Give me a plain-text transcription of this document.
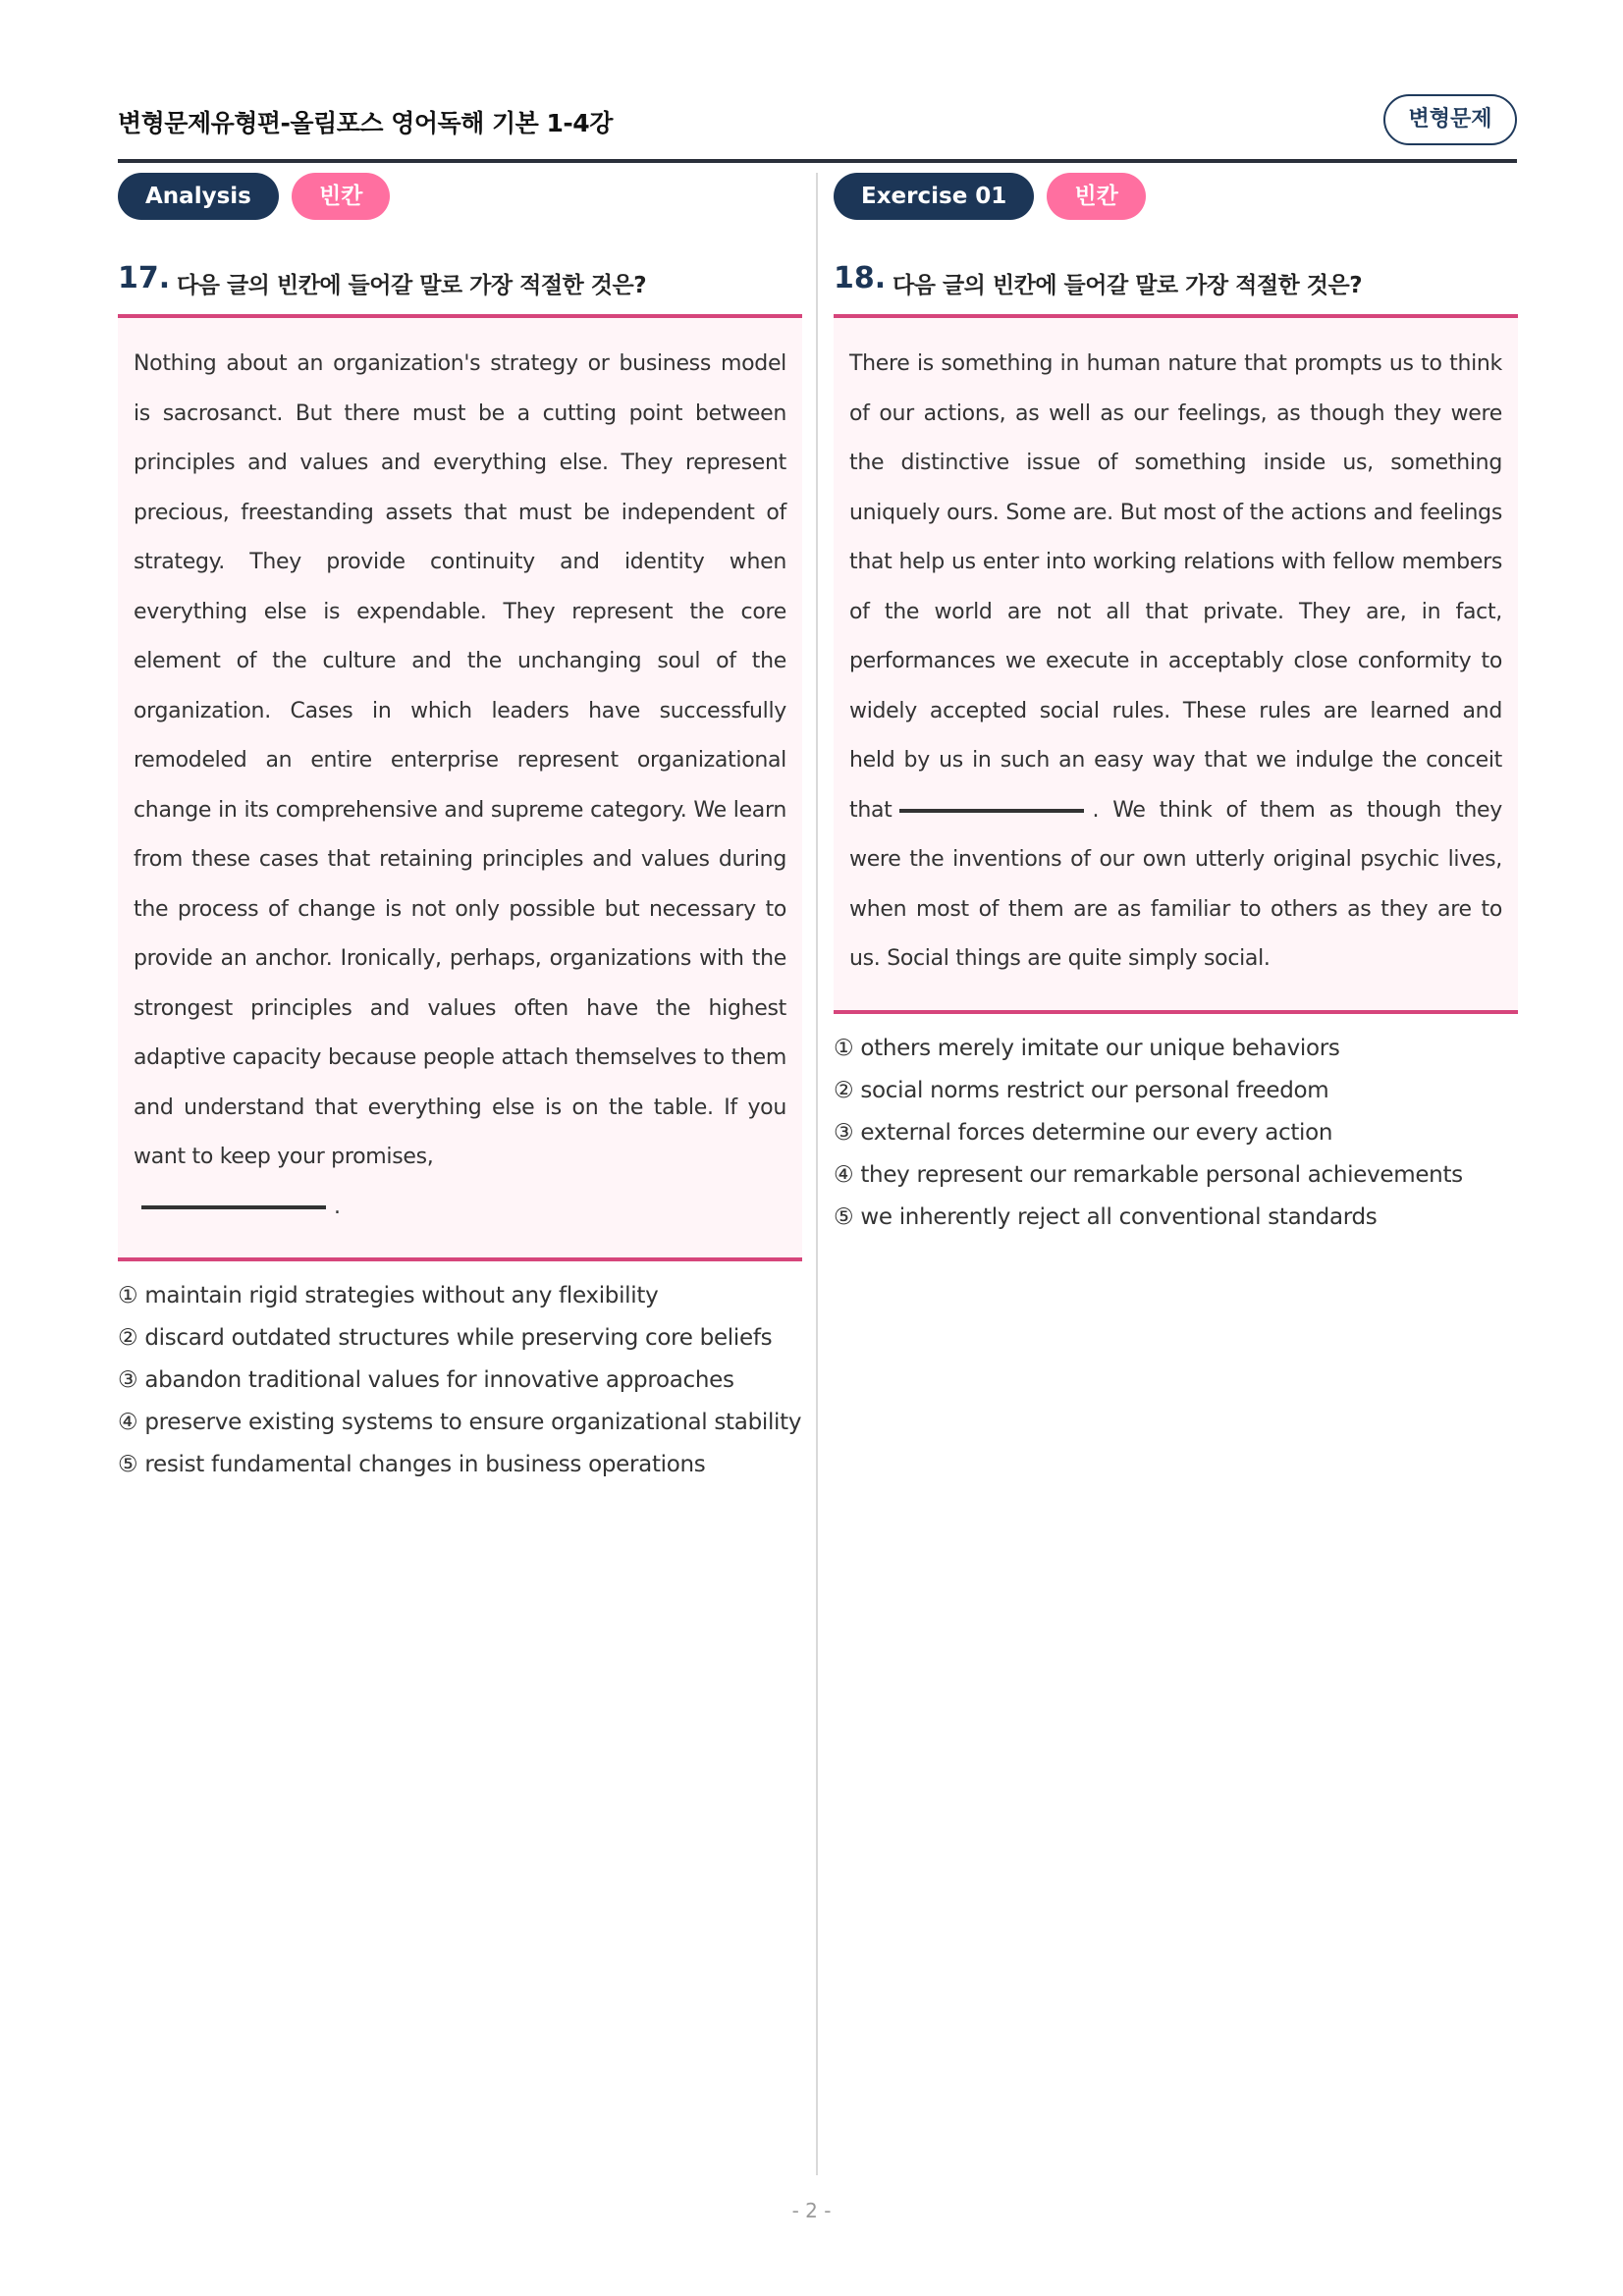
변형문제유형편-올림포스 영어독해 기본 1-4강	변형문제
Analysis	빈칸
17. 다음 글의 빈칸에 들어갈 말로 가장 적절한 것은?

Nothing about an organization's strategy or business model is sacrosanct. But there must be a cutting point between principles and values and everything else. They represent precious, freestanding assets that must be independent of strategy. They provide continuity and identity when everything else is expendable. They represent the core element of the culture and the unchanging soul of the organization. Cases in which leaders have successfully remodeled an entire enterprise represent organizational change in its comprehensive and supreme category. We learn from these cases that retaining principles and values during the process of change is not only possible but necessary to provide an anchor. Ironically, perhaps, organizations with the strongest principles and values often have the highest adaptive capacity because people attach themselves to them and understand that everything else is on the table. If you want to keep your promises,
.

① maintain rigid strategies without any flexibility
② discard outdated structures while preserving core beliefs
③ abandon traditional values for innovative approaches
④ preserve existing systems to ensure organizational stability
⑤ resist fundamental changes in business operations
Exercise 01	빈칸
18. 다음 글의 빈칸에 들어갈 말로 가장 적절한 것은?

There is something in human nature that prompts us to think of our actions, as well as our feelings, as though they were the distinctive issue of something inside us, something uniquely ours. Some are. But most of the actions and feelings that help us enter into working relations with fellow members of the world are not all that private. They are, in fact, performances we execute in acceptably close conformity to widely accepted social rules. These rules are learned and held by us in such an easy way that we indulge the conceit that	. We think of them as though they were the inventions of our own utterly original psychic lives, when most of them are as familiar to others as they are to us. Social things are quite simply social.

① others merely imitate our unique behaviors
② social norms restrict our personal freedom
③ external forces determine our every action
④ they represent our remarkable personal achievements
⑤ we inherently reject all conventional standards
- 2 -
